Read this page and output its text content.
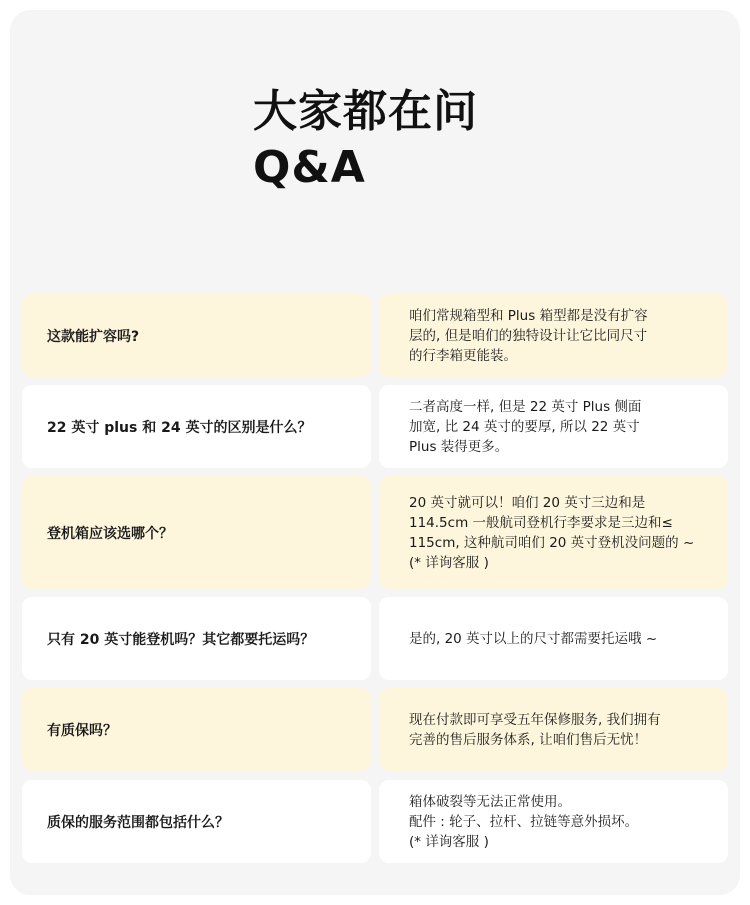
大家都在问
Q&A
这款能扩容吗?
咱们常规箱型和 Plus 箱型都是没有扩容
层的, 但是咱们的独特设计让它比同尺寸
的行李箱更能装。
22 英寸 plus 和 24 英寸的区别是什么？
二者高度一样, 但是 22 英寸 Plus 侧面
加宽, 比 24 英寸的要厚, 所以 22 英寸
Plus 装得更多。
登机箱应该选哪个？
20 英寸就可以！咱们 20 英寸三边和是
114.5cm 一般航司登机行李要求是三边和≤
115cm, 这种航司咱们 20 英寸登机没问题的 ~
(* 详询客服 )
只有 20 英寸能登机吗？其它都要托运吗？	是的, 20 英寸以上的尺寸都需要托运哦 ~
有质保吗？
现在付款即可享受五年保修服务, 我们拥有
完善的售后服务体系, 让咱们售后无忧！
质保的服务范围都包括什么？
箱体破裂等无法正常使用。
配件 : 轮子、拉杆、拉链等意外损坏。
(* 详询客服 )
